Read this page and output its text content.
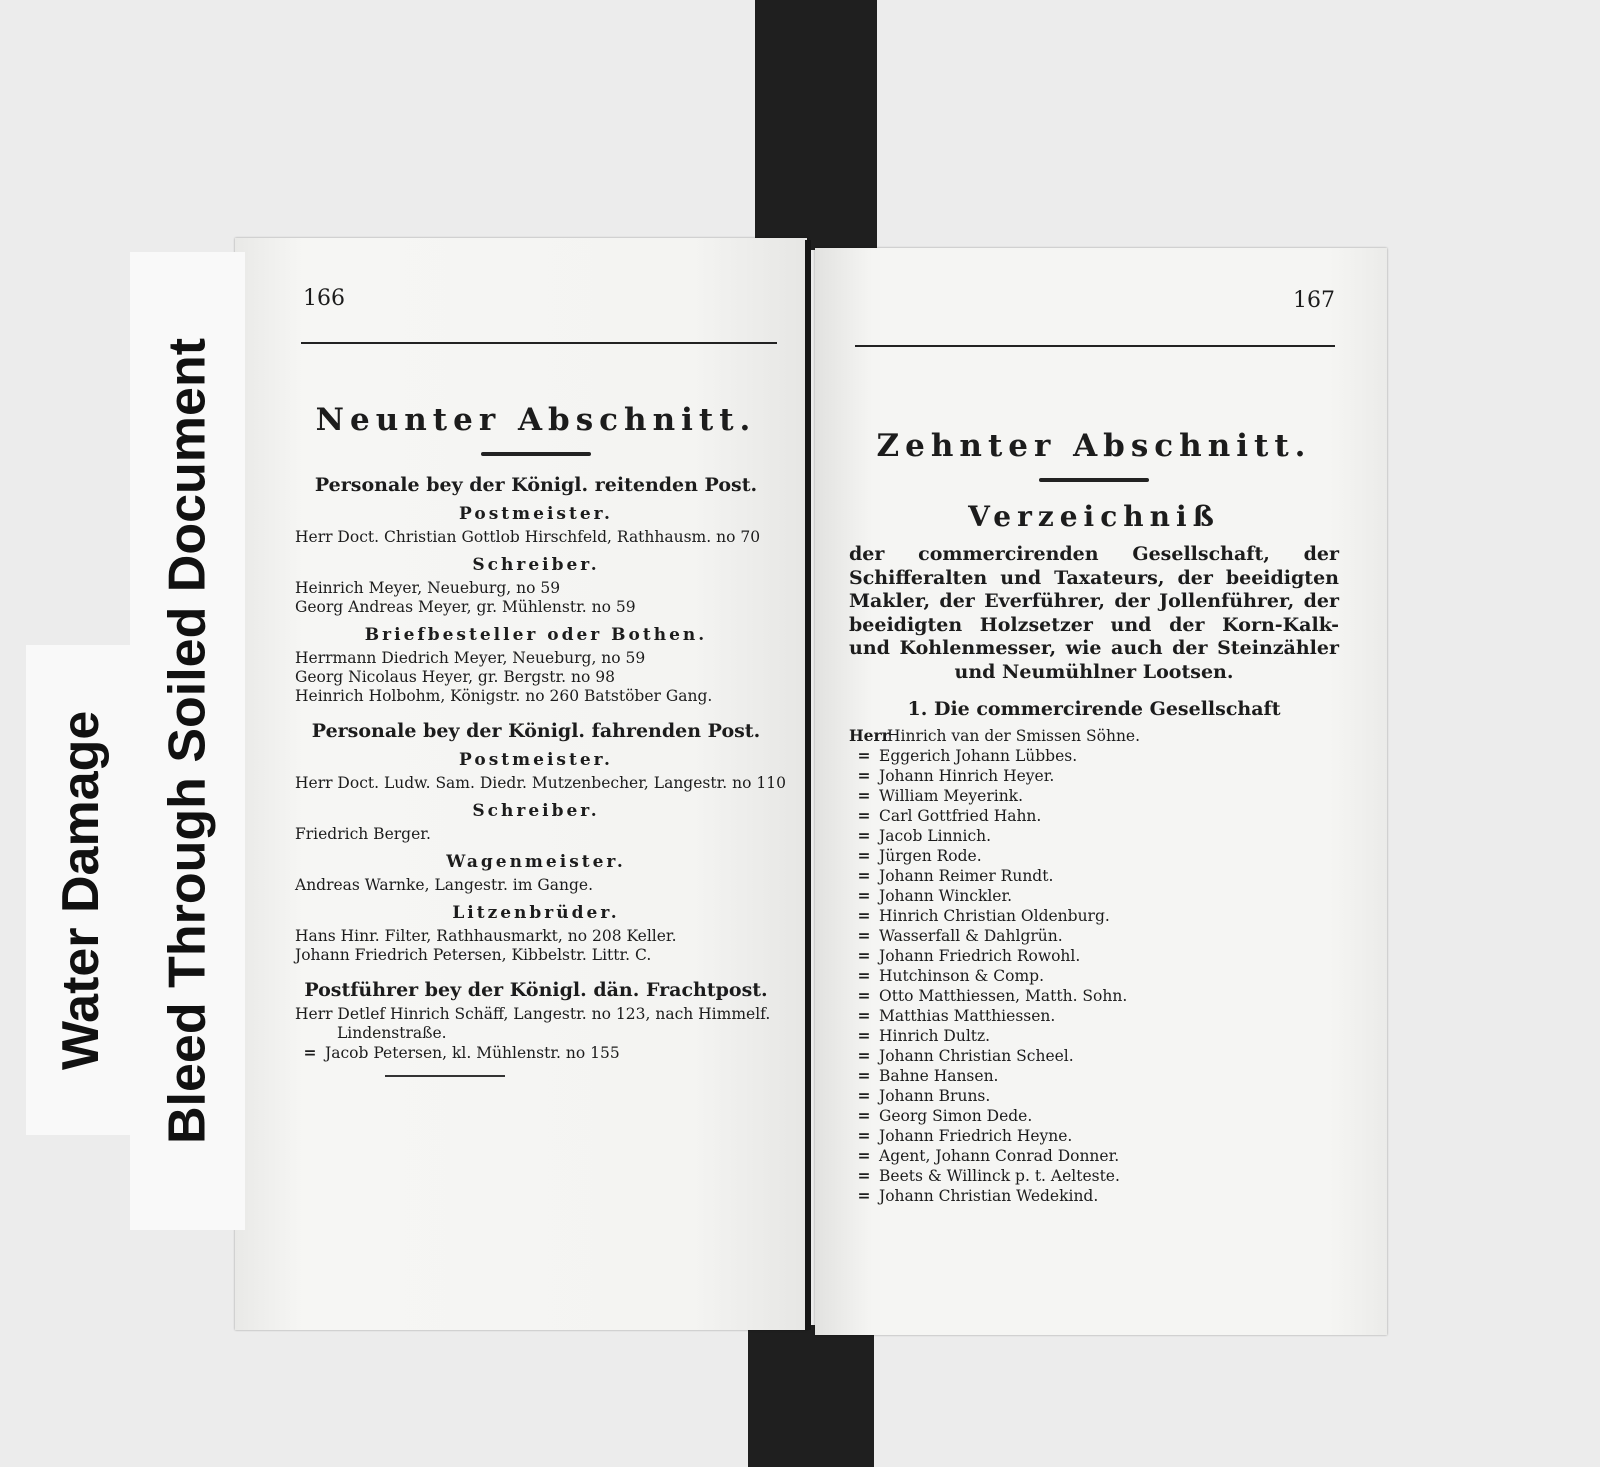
166
Neunter Abschnitt.
Personale bey der Königl. reitenden Post.
Postmeister.
Herr Doct. Christian Gottlob Hirschfeld, Rathhausm. no 70
Schreiber.
Heinrich Meyer, Neueburg, no 59
Georg Andreas Meyer, gr. Mühlenstr. no 59
Briefbesteller oder Bothen.
Herrmann Diedrich Meyer, Neueburg, no 59
Georg Nicolaus Heyer, gr. Bergstr. no 98
Heinrich Holbohm, Königstr. no 260 Batstöber Gang.
Personale bey der Königl. fahrenden Post.
Postmeister.
Herr Doct. Ludw. Sam. Diedr. Mutzenbecher, Langestr. no 110
Schreiber.
Friedrich Berger.
Wagenmeister.
Andreas Warnke, Langestr. im Gange.
Litzenbrüder.
Hans Hinr. Filter, Rathhausmarkt, no 208 Keller.
Johann Friedrich Petersen, Kibbelstr. Littr. C.
Postführer bey der Königl. dän. Frachtpost.
Herr Detlef Hinrich Schäff, Langestr. no 123, nach Himmelf.
Lindenstraße.
= Jacob Petersen, kl. Mühlenstr. no 155
167
Zehnter Abschnitt.
Verzeichniß

der commercirenden Gesellschaft, der Schifferalten und Taxateurs, der beeidigten Makler, der Everführer, der Jollenführer, der beeidigten Holzsetzer und der Korn-Kalk- und Kohlenmesser, wie auch der Steinzähler und Neumühlner Lootsen.

1. Die commercirende Gesellschaft
HerrHinrich van der Smissen Söhne.
= Eggerich Johann Lübbes.
= Johann Hinrich Heyer.
= William Meyerink.
= Carl Gottfried Hahn.
= Jacob Linnich.
= Jürgen Rode.
= Johann Reimer Rundt.
= Johann Winckler.
= Hinrich Christian Oldenburg.
= Wasserfall & Dahlgrün.
= Johann Friedrich Rowohl.
= Hutchinson & Comp.
= Otto Matthiessen, Matth. Sohn.
= Matthias Matthiessen.
= Hinrich Dultz.
= Johann Christian Scheel.
= Bahne Hansen.
= Johann Bruns.
= Georg Simon Dede.
= Johann Friedrich Heyne.
= Agent, Johann Conrad Donner.
= Beets & Willinck p. t. Aelteste.
= Johann Christian Wedekind.
Bleed Through Soiled Document
Water Damage
